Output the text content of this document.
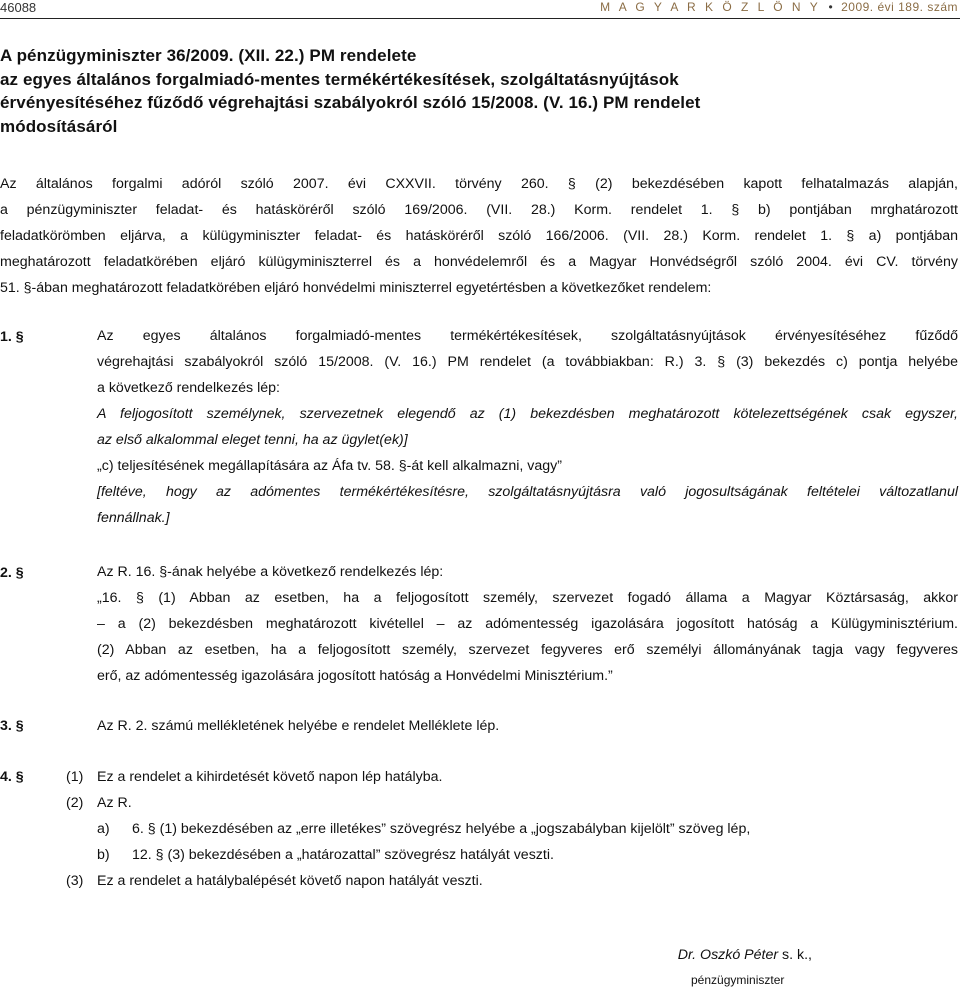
46088	M A G Y A R K Ö Z L Ö N Y • 2009. évi 189. szám
A pénzügyminiszter 36/2009. (XII. 22.) PM rendelete
az egyes általános forgalmiadó-mentes termékértékesítések, szolgáltatásnyújtások
érvényesítéséhez fűződő végrehajtási szabályokról szóló 15/2008. (V. 16.) PM rendelet
módosításáról
Az általános forgalmi adóról szóló 2007. évi CXXVII. törvény 260. § (2) bekezdésében kapott felhatalmazás alapján,
a pénzügyminiszter feladat- és hatásköréről szóló 169/2006. (VII. 28.) Korm. rendelet 1. § b) pontjában mrghatározott
feladatkörömben eljárva, a külügyminiszter feladat- és hatásköréről szóló 166/2006. (VII. 28.) Korm. rendelet 1. § a) pontjában
meghatározott feladatkörében eljáró külügyminiszterrel és a honvédelemről és a Magyar Honvédségről szóló 2004. évi CV. törvény
51. §-ában meghatározott feladatkörében eljáró honvédelmi miniszterrel egyetértésben a következőket rendelem:
1. §	Az egyes általános forgalmiadó-mentes termékértékesítések, szolgáltatásnyújtások érvényesítéséhez fűződő
végrehajtási szabályokról szóló 15/2008. (V. 16.) PM rendelet (a továbbiakban: R.) 3. § (3) bekezdés c) pontja helyébe
a következő rendelkezés lép:
A feljogosított személynek, szervezetnek elegendő az (1) bekezdésben meghatározott kötelezettségének csak egyszer,
az első alkalommal eleget tenni, ha az ügylet(ek)]
„c) teljesítésének megállapítására az Áfa tv. 58. §-át kell alkalmazni, vagy”
[feltéve, hogy az adómentes termékértékesítésre, szolgáltatásnyújtásra való jogosultságának feltételei változatlanul
fennállnak.]
2. §	Az R. 16. §-ának helyébe a következő rendelkezés lép:
„16. § (1) Abban az esetben, ha a feljogosított személy, szervezet fogadó állama a Magyar Köztársaság, akkor
– a (2) bekezdésben meghatározott kivétellel – az adómentesség igazolására jogosított hatóság a Külügyminisztérium.
(2) Abban az esetben, ha a feljogosított személy, szervezet fegyveres erő személyi állományának tagja vagy fegyveres
erő, az adómentesség igazolására jogosított hatóság a Honvédelmi Minisztérium.”
3. §	Az R. 2. számú mellékletének helyébe e rendelet Melléklete lép.
4. §	(1) Ez a rendelet a kihirdetését követő napon lép hatályba.
(2) Az R.
a) 6. § (1) bekezdésében az „erre illetékes” szövegrész helyébe a „jogszabályban kijelölt” szöveg lép,
b) 12. § (3) bekezdésében a „határozattal” szövegrész hatályát veszti.
(3) Ez a rendelet a hatálybalépését követő napon hatályát veszti.
Dr. Oszkó Péter s. k.,
pénzügyminiszter
